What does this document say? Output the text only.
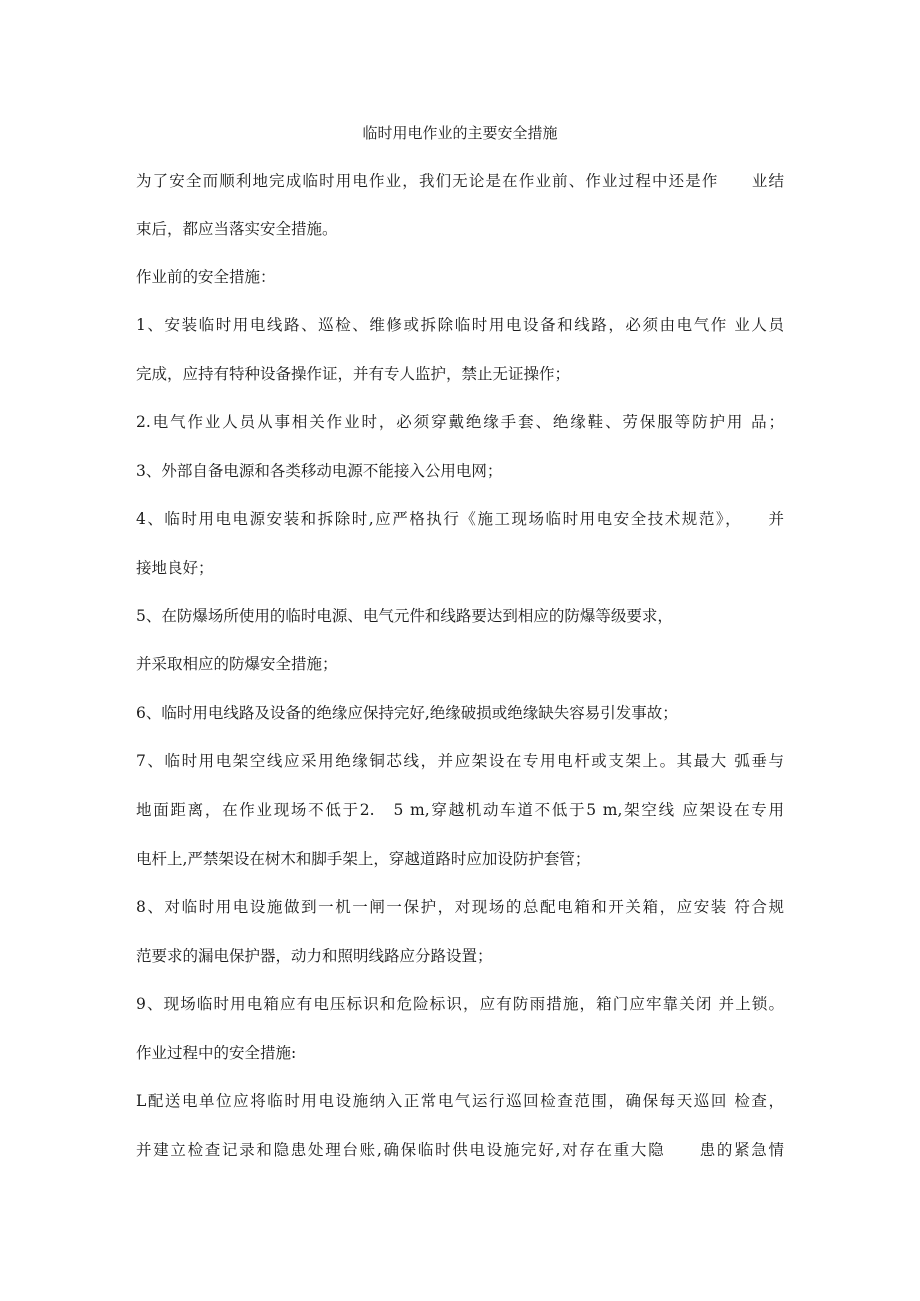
临时用电作业的主要安全措施
为了安全而顺利地完成临时用电作业，我们无论是在作业前、作业过程中还是作　　业结
束后，都应当落实安全措施。
作业前的安全措施：
1、安装临时用电线路、巡检、维修或拆除临时用电设备和线路，必须由电气作 业人员
完成，应持有特种设备操作证，并有专人监护，禁止无证操作；
2.电气作业人员从事相关作业时，必须穿戴绝缘手套、绝缘鞋、劳保服等防护用 品；
3、外部自备电源和各类移动电源不能接入公用电网；
4、临时用电电源安装和拆除时,应严格执行《施工现场临时用电安全技术规范》，　　并
接地良好；
5、在防爆场所使用的临时电源、电气元件和线路要达到相应的防爆等级要求，
并采取相应的防爆安全措施；
6、临时用电线路及设备的绝缘应保持完好,绝缘破损或绝缘缺失容易引发事故；
7、临时用电架空线应采用绝缘铜芯线，并应架设在专用电杆或支架上。其最大 弧垂与
地面距离，在作业现场不低于2.　5 m,穿越机动车道不低于5 m,架空线 应架设在专用
电杆上,严禁架设在树木和脚手架上，穿越道路时应加设防护套管；
8、对临时用电设施做到一机一闸一保护，对现场的总配电箱和开关箱，应安装 符合规
范要求的漏电保护器，动力和照明线路应分路设置；
9、现场临时用电箱应有电压标识和危险标识，应有防雨措施，箱门应牢靠关闭 并上锁。
作业过程中的安全措施:
L配送电单位应将临时用电设施纳入正常电气运行巡回检查范围，确保每天巡回 检查，
并建立检查记录和隐患处理台账,确保临时供电设施完好,对存在重大隐　　患的紧急情
